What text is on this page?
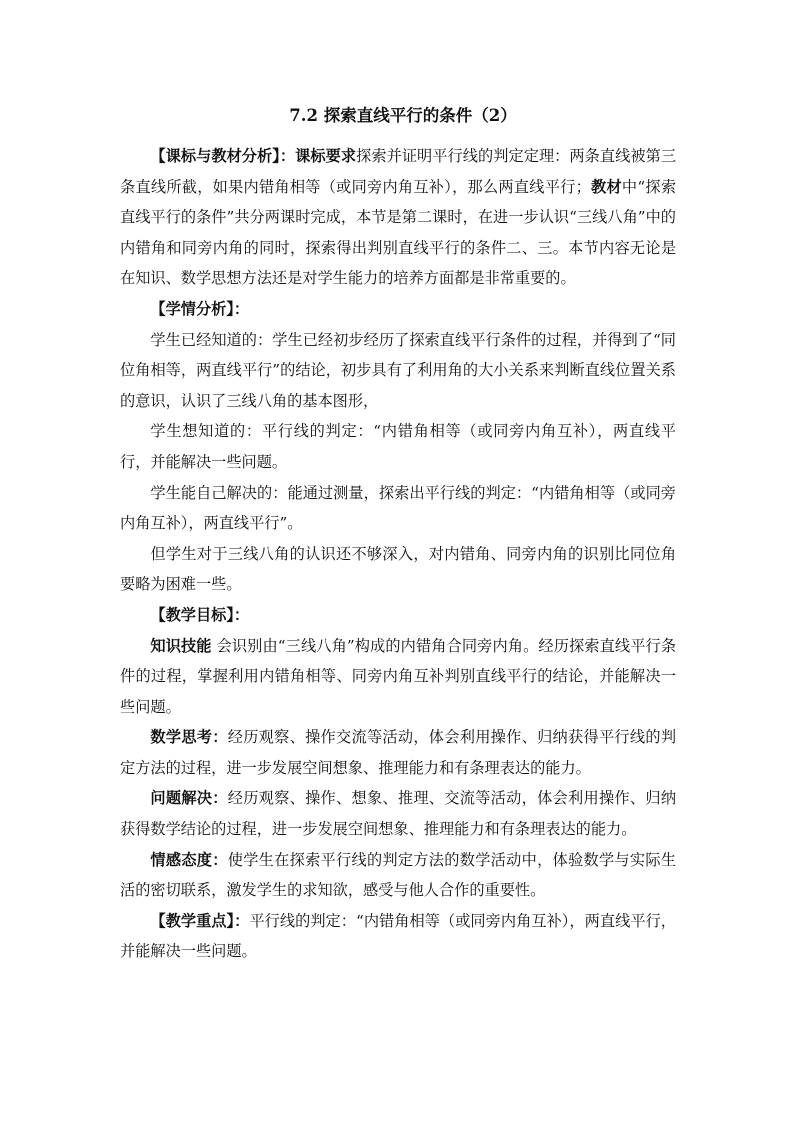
7.2 探索直线平行的条件（2）

【课标与教材分析】：课标要求探索并证明平行线的判定定理：两条直线被第三条直线所截，如果内错角相等（或同旁内角互补），那么两直线平行；教材中“探索直线平行的条件”共分两课时完成，本节是第二课时，在进一步认识“三线八角”中的内错角和同旁内角的同时，探索得出判别直线平行的条件二、三。本节内容无论是在知识、数学思想方法还是对学生能力的培养方面都是非常重要的。

【学情分析】：

学生已经知道的：学生已经初步经历了探索直线平行条件的过程，并得到了“同位角相等，两直线平行”的结论，初步具有了利用角的大小关系来判断直线位置关系的意识，认识了三线八角的基本图形，

学生想知道的：平行线的判定：“内错角相等（或同旁内角互补），两直线平行，并能解决一些问题。

学生能自己解决的：能通过测量，探索出平行线的判定：“内错角相等（或同旁内角互补），两直线平行”。

但学生对于三线八角的认识还不够深入，对内错角、同旁内角的识别比同位角要略为困难一些。

【教学目标】：

知识技能 会识别由“三线八角”构成的内错角合同旁内角。经历探索直线平行条件的过程，掌握利用内错角相等、同旁内角互补判别直线平行的结论，并能解决一些问题。

数学思考：经历观察、操作交流等活动，体会利用操作、归纳获得平行线的判定方法的过程，进一步发展空间想象、推理能力和有条理表达的能力。

问题解决：经历观察、操作、想象、推理、交流等活动，体会利用操作、归纳获得数学结论的过程，进一步发展空间想象、推理能力和有条理表达的能力。

情感态度：使学生在探索平行线的判定方法的数学活动中，体验数学与实际生活的密切联系，激发学生的求知欲，感受与他人合作的重要性。

【教学重点】：平行线的判定：“内错角相等（或同旁内角互补），两直线平行，并能解决一些问题。
